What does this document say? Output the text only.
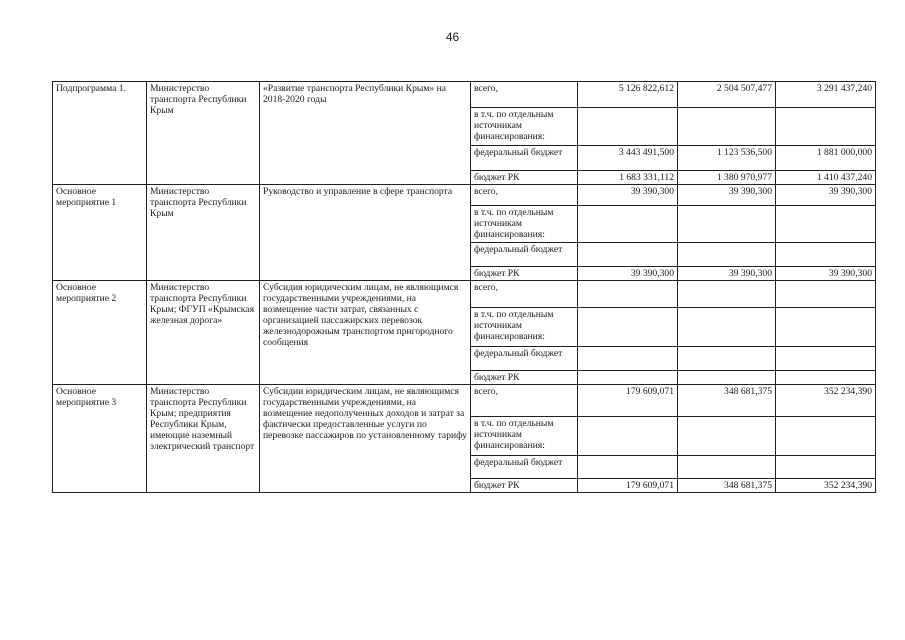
46
Подпрограмма 1.	Министерство транспорта Республики Крым	«Развитие транспорта Республики Крым» на 2018-2020 годы	всего,	5 126 822,612	2 504 507,477	3 291 437,240
			в т.ч. по отдельным источникам финансирования:			
			федеральный бюджет	3 443 491,500	1 123 536,500	1 881 000,000
			бюджет РК	1 683 331,112	1 380 970,977	1 410 437,240
Основное мероприятие 1	Министерство транспорта Республики Крым	Руководство и управление в сфере транспорта	всего,	39 390,300	39 390,300	39 390,300
			в т.ч. по отдельным источникам финансирования:			
			федеральный бюджет			
			бюджет РК	39 390,300	39 390,300	39 390,300
Основное мероприятие 2	Министерство транспорта Республики Крым; ФГУП «Крымская железная дорога»	Субсидия юридическим лицам, не являющимся государственными учреждениями, на возмещение части затрат, связанных с организацией пассажирских перевозок железнодорожным транспортом пригородного сообщения	всего,			
			в т.ч. по отдельным источникам финансирования:			
			федеральный бюджет			
			бюджет РК			
Основное мероприятие 3	Министерство транспорта Республики Крым; предприятия Республики Крым, имеющие наземный электрический транспорт	Субсидии юридическим лицам, не являющимся государственными учреждениями, на возмещение недополученных доходов и затрат за фактически предоставленные услуги по перевозке пассажиров по установленному тарифу	всего,	179 609,071	348 681,375	352 234,390
			в т.ч. по отдельным источникам финансирования:			
			федеральный бюджет			
			бюджет РК	179 609,071	348 681,375	352 234,390
